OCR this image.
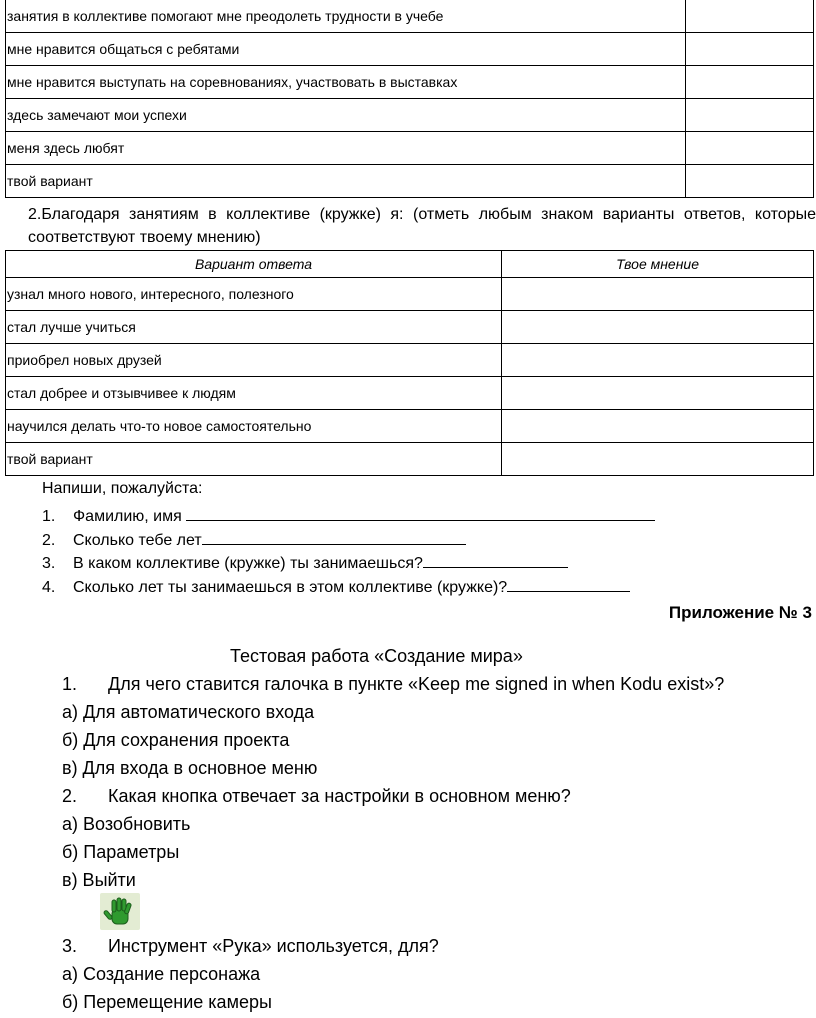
занятия в коллективе помогают мне преодолеть трудности в учебе	
мне нравится общаться с ребятами	
мне нравится выступать на соревнованиях, участвовать в выставках	
здесь замечают мои успехи	
меня здесь любят	
твой вариант	
2.Благодаря занятиям в коллективе (кружке) я: (отметь любым знаком варианты ответов, которые
соответствуют твоему мнению)
Вариант ответа	Твое мнение
узнал много нового, интересного, полезного	
стал лучше учиться	
приобрел новых друзей	
стал добрее и отзывчивее к людям	
научился делать что-то новое самостоятельно	
твой вариант	
Напиши, пожалуйста:
1. Фамилию, имя
2. Сколько тебе лет
3. В каком коллективе (кружке) ты занимаешься?
4. Сколько лет ты занимаешься в этом коллективе (кружке)?
Приложение № 3
Тестовая работа «Создание мира»
1. Для чего ставится галочка в пункте «Keep me signed in when Kodu exist»?
а) Для автоматического входа
б) Для сохранения проекта
в) Для входа в основное меню
2. Какая кнопка отвечает за настройки в основном меню?
а) Возобновить
б) Параметры
в) Выйти
3. Инструмент «Рука» используется, для?
а) Создание персонажа
б) Перемещение камеры
